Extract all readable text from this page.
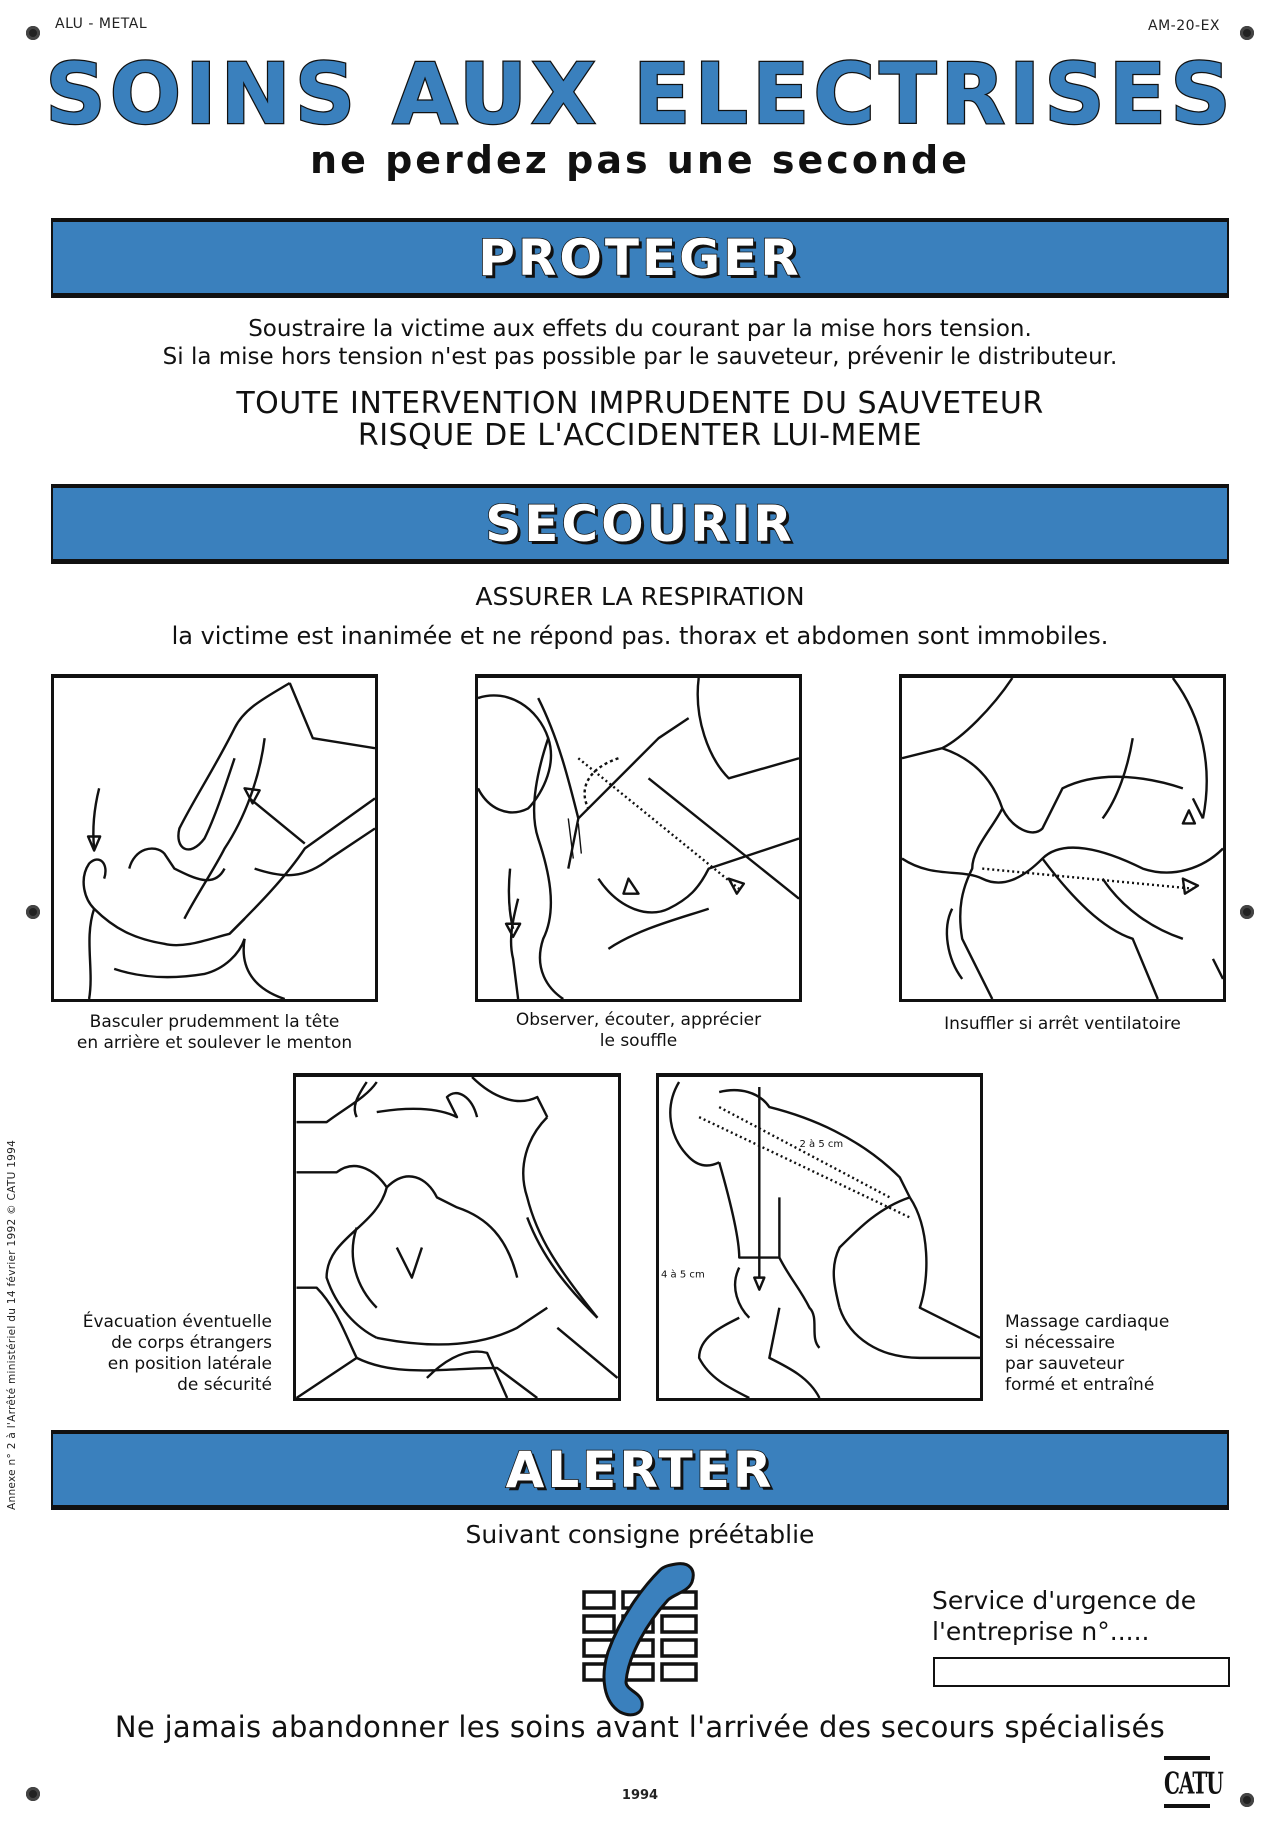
ALU - METAL	AM-20-EX
SOINS AUX ELECTRISES
ne perdez pas une seconde
PROTEGER
Soustraire la victime aux effets du courant par la mise hors tension.
Si la mise hors tension n'est pas possible par le sauveteur, prévenir le distributeur.
TOUTE INTERVENTION IMPRUDENTE DU SAUVETEUR
RISQUE DE L'ACCIDENTER LUI-MEME
SECOURIR
ASSURER LA RESPIRATION
la victime est inanimée et ne répond pas. thorax et abdomen sont immobiles.
Basculer prudemment la tête
en arrière et soulever le menton
Observer, écouter, apprécier
le souffle
Insuffler si arrêt ventilatoire
Évacuation éventuelle
de corps étrangers
en position latérale
de sécurité
2 à 5 cm
4 à 5 cm
Massage cardiaque
si nécessaire
par sauveteur
formé et entraîné
Annexe n° 2 à l'Arrêté ministériel du 14 février 1992 © CATU 1994	ALERTER
Suivant consigne préétablie
Service d'urgence de
l'entreprise n°.....
Ne jamais abandonner les soins avant l'arrivée des secours spécialisés
1994	CATU
